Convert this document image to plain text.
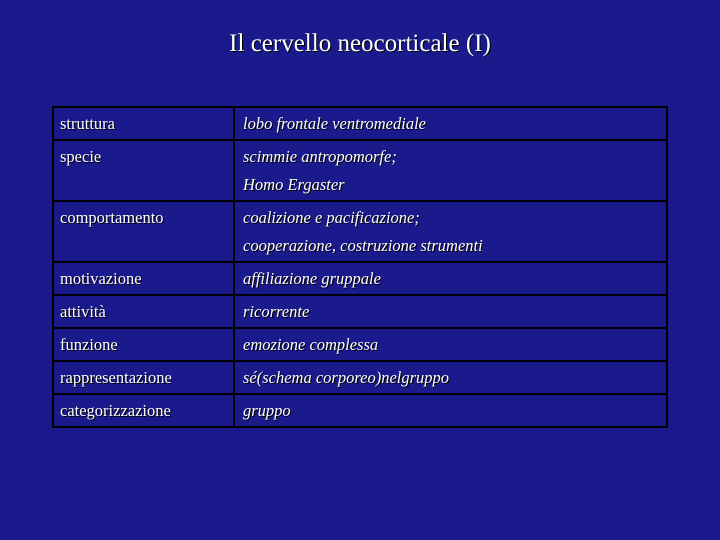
Il cervello neocorticale (I)
struttura	lobo frontale ventromediale

specie	scimmie antropomorfe;
Homo Ergaster

comportamento	coalizione e pacificazione;
cooperazione, costruzione strumenti

motivazione	affiliazione gruppale

attività	ricorrente

funzione	emozione complessa

rappresentazione	sé(schema corporeo)nelgruppo

categorizzazione	gruppo
